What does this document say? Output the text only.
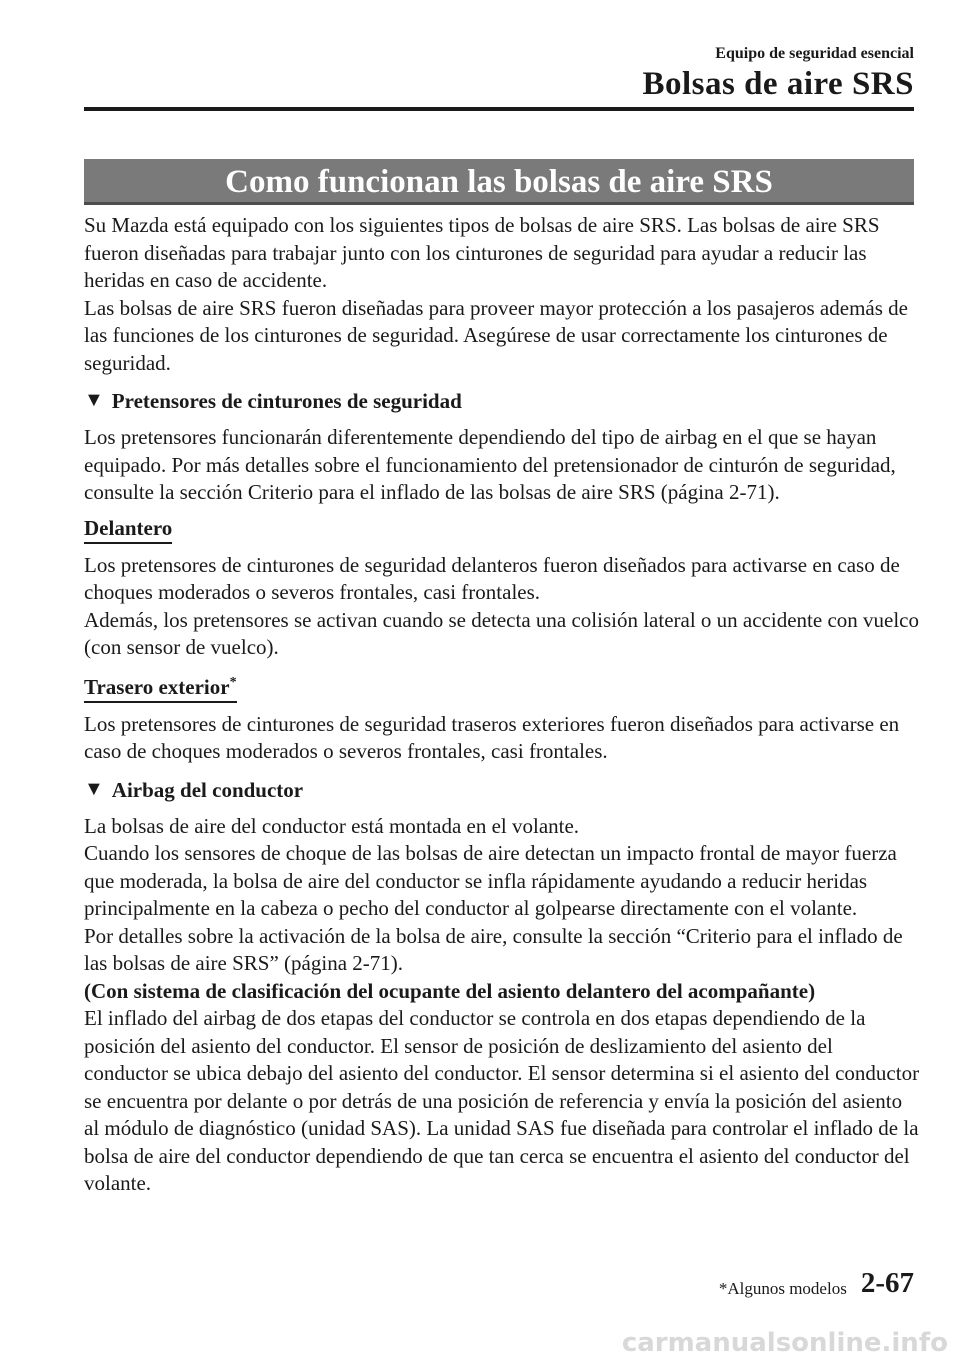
Equipo de seguridad esencial
Bolsas de aire SRS
Como funcionan las bolsas de aire SRS

Su Mazda está equipado con los siguientes tipos de bolsas de aire SRS. Las bolsas de aire SRS fueron diseñadas para trabajar junto con los cinturones de seguridad para ayudar a reducir las heridas en caso de accidente.

Las bolsas de aire SRS fueron diseñadas para proveer mayor protección a los pasajeros además de las funciones de los cinturones de seguridad. Asegúrese de usar correctamente los cinturones de seguridad.

▼ Pretensores de cinturones de seguridad

Los pretensores funcionarán diferentemente dependiendo del tipo de airbag en el que se hayan equipado. Por más detalles sobre el funcionamiento del pretensionador de cinturón de seguridad, consulte la sección Criterio para el inflado de las bolsas de aire SRS (página 2-71).

Delantero

Los pretensores de cinturones de seguridad delanteros fueron diseñados para activarse en caso de choques moderados o severos frontales, casi frontales.

Además, los pretensores se activan cuando se detecta una colisión lateral o un accidente con vuelco (con sensor de vuelco).

Trasero exterior*

Los pretensores de cinturones de seguridad traseros exteriores fueron diseñados para activarse en caso de choques moderados o severos frontales, casi frontales.

▼ Airbag del conductor

La bolsas de aire del conductor está montada en el volante.

Cuando los sensores de choque de las bolsas de aire detectan un impacto frontal de mayor fuerza que moderada, la bolsa de aire del conductor se infla rápidamente ayudando a reducir heridas principalmente en la cabeza o pecho del conductor al golpearse directamente con el volante.

Por detalles sobre la activación de la bolsa de aire, consulte la sección “Criterio para el inflado de las bolsas de aire SRS” (página 2-71).

(Con sistema de clasificación del ocupante del asiento delantero del acompañante)

El inflado del airbag de dos etapas del conductor se controla en dos etapas dependiendo de la posición del asiento del conductor. El sensor de posición de deslizamiento del asiento del conductor se ubica debajo del asiento del conductor. El sensor determina si el asiento del conductor se encuentra por delante o por detrás de una posición de referencia y envía la posición del asiento al módulo de diagnóstico (unidad SAS). La unidad SAS fue diseñada para controlar el inflado de la bolsa de aire del conductor dependiendo de que tan cerca se encuentra el asiento del conductor del volante.

*Algunos modelos 2-67
carmanualsonline.info
